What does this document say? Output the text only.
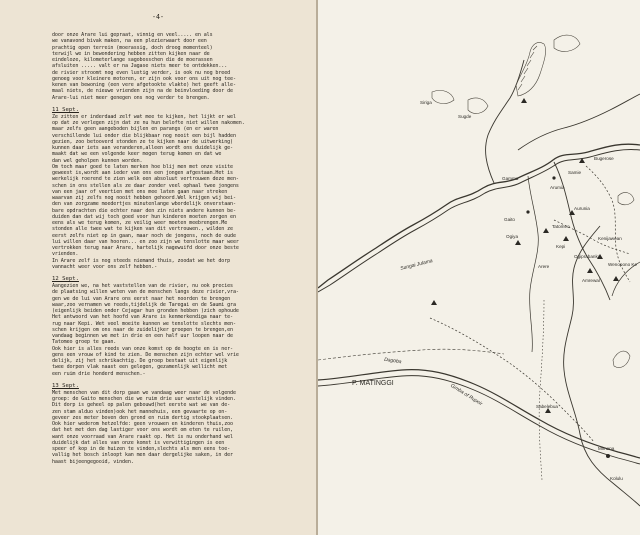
-4-
door onze Arare lui gepraat, vinnig en veel..... en als
we vanavond bivak maken, na een plezierwaart door een
prachtig open terrein (moerassig, doch droog momenteel)
terwijl we in bewondering hebben zitten kijken naar de
eindeloze, kilometerlange sagobosschen die de moerassen
afsluiten ..... valt er na Jagase niets meer te ontdekken...
de rivier stroomt nog even lustig verder, is ook nu nog breed
genoeg voor kleinere motoren, er zijn ook voor ons uit nog tee-
kenen van bewoning (een vere afgetookte vlakte) het geeft alle-
maal niets, de nieuwe vrienden zijn na de beinvloeding door de
Arare-lui niet meer genegen ons nog verder te brengen.
11 Sept.
Ze zitten er inderdaad zelf wat mee te kijken, het lijkt er wel
op dat ze verlegen zijn dat ze nu hun belofte niet willen nakomen.
maar zelfs geen aangeboden bijlen en parangs (en er waren
verschillende lui onder die blijkbaar nog nooit een bijl hadden
gezien, zoo betooverd stonden ze te kijken naar de uitwerking)
kunnen daar iets aan veranderen,alleen wordt ons duidelijk ge-
maakt dat we een volgende keer mogen terug komen en dat we
dan wel geholpen kunnen worden.
Om toch maar goed te laten merken hoe blij men met onze visite
geweest is,wordt aan ieder van ons een jongen afgestaan.Het is
werkelijk roerend te zien welk een absoluut vertrouwen deze men-
schen in ons stellen als ze daar zonder veel ophaal twee jongens
van een jaar of veertien met ons mee laten gaan naar streken
waarvan zij zelfs nog nooit hebben gehoord.Wel krijgen wij bei-
den van zorgzame moedertjes minutenlange wbordelijk onverstaan-
bare opdrachten die echter naar den zin niets andere kunnen be-
duiden dan dat wij toch goed voor hun kinderen moeten zorgen en
eens als we terug komen, ze veilig weer moeten meebrengen.Me
stonden alle twee wat te kijken van dit vertrouwen., wilden ze
eerst zelfs niet op in gaan, maar noch de jongens, noch de oude
lui willen daar van hooren... en zoo zijn we tenslotte maar weer
vertrokken terug naar Arare, hartelijk nagewuifd door onze beste
vrienden.
In Arare zelf is nog steeds niemand thuis, zoodat we het dorp
vannacht weer voor ons zelf hebben.-
12 Sept.
Aangezien we, na het vaststellen van de rivier, nu ook precies
de plaatsing willen weten van de menschen langs deze rivier,vra-
gen we de lui van Arare ons eerst naar het noorden te brengen
waar,zoo vernamen we reeds,tijdelijk de Taregai en de Saumi gra
(eigenlijk beiden onder Cejagar hun gronden hebben )zich ophoude
Het antwoord van het hoofd van Arare is kenmerkendiga naar te-
rug naar Kepi. Wet veel moeite kunnen we tenslotte slechts men-
schen krijgen om ons naar de zuidelijker groepen te brengen,en
vandaag beginnen we met in drie en een half uur loopen naar de
Tatomeo groep te gaan.
Ook hier is alles reeds van onze komst op de hoogte en is ner-
gens een vrouw of kind te zien. De menschen zijn echter wel vrie
delijk, zij het schrikachtig. De groep bestaat uit eigenlijk
twee dorpen vlak naast een gelegen, gezamenlijk wellicht met
een ruim drie honderd menschen.-
13 Sept.
Met menschen van dit dorp gaan we vandaag weer naar de volgende
groep: de Gaito menschen die we ruim drie uur westelijk vinden.
Dit dorp is geheel op palen gebouwd(het eerste wat we van de-
zen stam alduo vinden)ook het mannehuis, een gevaarte op on-
geveer zes meter boven den grond en ruim dertig stookplaatsen.
Ook hier wederom hetzelfde: geen vrouwen en kinderen thuis,zoo
dat het met den dag lastiger voor ons wordt om eten te ruilen,
want onze voorraad van Arare raakt op. Het is nu onderhand wel
duidelijk dat alles van onze komst is verwittigingen is een
speer of kop in de huizen te vinden,slechts als men eens toe-
vallig het bosch inloopt kan men daar dergelijke saken, in der
haast bijeengegooid, vinden.
Siriga
Sugde
Gamma
Bugerose
Samie
Arumia
Gaito
Ogiya
Tatomeo
Kepi
Arere
Aurunia
Amrewal
Kenijawean
Wenopono Ke
Ogiprabanka
Sungai Julama
Dagoba
P. MATINGGI	Gimba of Rupeir	Sabelebua
Mimena
Kolulu
